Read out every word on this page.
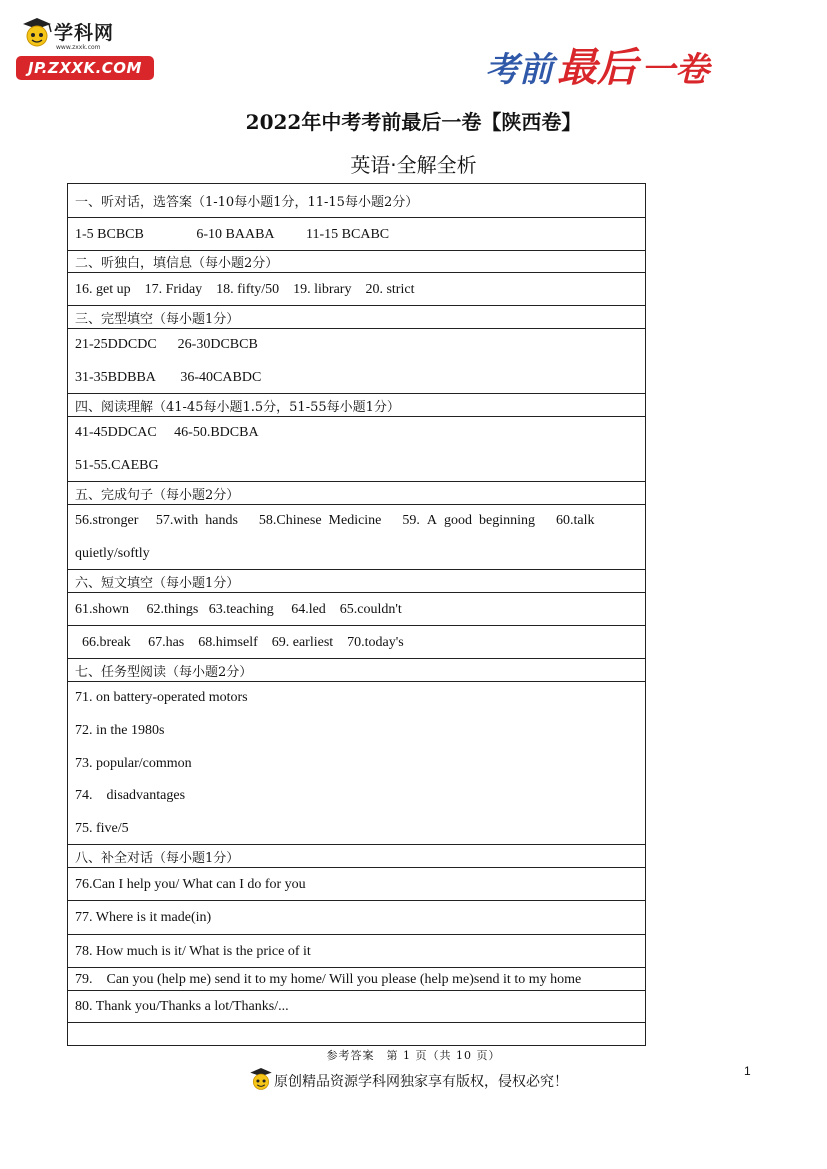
学科网
www.zxxk.com
JP.ZXXK.COM	考前 最后 一卷
2022年中考考前最后一卷【陕西卷】
英语·全解全析
一、听对话，选答案（1-10每小题1分，11-15每小题2分）
1-5 BCBCB               6-10 BAABA         11-15 BCABC
二、听独白，填信息（每小题2分）
16. get up    17. Friday    18. fifty/50    19. library    20. strict
三、完型填空（每小题1分）
21-25DDCDC      26-30DCBCB
31-35BDBBA       36-40CABDC
四、阅读理解（41-45每小题1.5分，51-55每小题1分）
41-45DDCAC     46-50.BDCBA
51-55.CAEBG
五、完成句子（每小题2分）
56.stronger     57.with  hands      58.Chinese  Medicine      59.  A  good  beginning      60.talk
quietly/softly
六、短文填空（每小题1分）
61.shown     62.things   63.teaching     64.led    65.couldn't
66.break     67.has    68.himself    69. earliest    70.today's
七、任务型阅读（每小题2分）
71. on battery-operated motors
72. in the 1980s
73. popular/common
74.    disadvantages
75. five/5
八、补全对话（每小题1分）
76.Can I help you/ What can I do for you
77. Where is it made(in)
78. How much is it/ What is the price of it
79.    Can you (help me) send it to my home/ Will you please (help me)send it to my home
80. Thank you/Thanks a lot/Thanks/...
参考答案　第 1 页（共 10 页）
1
原创精品资源学科网独家享有版权，侵权必究！
